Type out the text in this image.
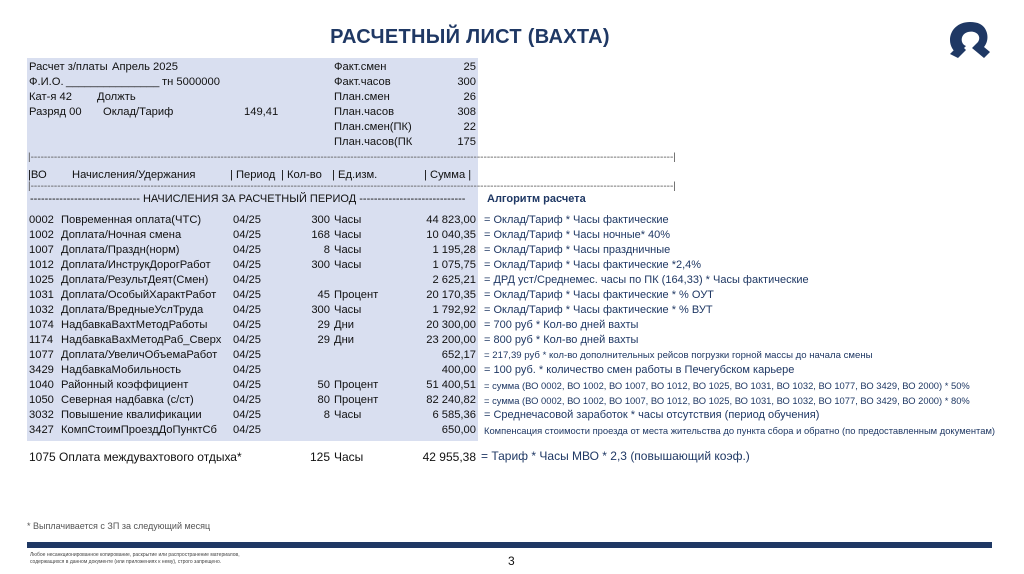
РАСЧЕТНЫЙ ЛИСТ (ВАХТА)
Расчет з/платы Апрель 2025
Ф.И.О. _______________ тн 5000000
Кат-я 42 Должть
Разряд 00 Оклад/Тариф	149,41
Факт.смен	25
Факт.часов	300
План.смен	26
План.часов	308
План.смен(ПК)	22
План.часов(ПК	175
|-------------------------------------------------------------------------------------------------------------------------------------------------------------------------------------------------|
|-------------------------------------------------------------------------------------------------------------------------------------------------------------------------------------------------|
|ВО Начисления/Удержания	| Период | Кол-во | Ед.изм.	| Сумма |
------------------------------ НАЧИСЛЕНИЯ ЗА РАСЧЕТНЫЙ ПЕРИОД ----------------------------- Алгоритм расчета
0002 Повременная оплата(ЧТС)	04/25	300 Часы	44 823,00 = Оклад/Тариф * Часы фактические
1002 Доплата/Ночная смена	04/25	168 Часы	10 040,35 = Оклад/Тариф * Часы ночные* 40%
1007 Доплата/Праздн(норм)	04/25	8 Часы	1 195,28 = Оклад/Тариф * Часы праздничные
1012 Доплата/ИнструкДорогРабот 04/25	300 Часы	1 075,75 = Оклад/Тариф * Часы фактические *2,4%
1025 Доплата/РезультДеят(Смен) 04/25	2 625,21 = ДРД уст/Среднемес. часы по ПК (164,33) * Часы фактические
1031 Доплата/ОсобыйХарактРабот 04/25	45 Процент	20 170,35 = Оклад/Тариф * Часы фактические * % ОУТ
1032 Доплата/ВредныеУслТруда	04/25	300 Часы	1 792,92 = Оклад/Тариф * Часы фактические * % ВУТ
1074 НадбавкаВахтМетодРаботы 04/25	29 Дни	20 300,00 = 700 руб * Кол-во дней вахты
1174 НадбавкаВахМетодРаб_Сверх 04/25	29 Дни	23 200,00 = 800 руб * Кол-во дней вахты
1077 Доплата/УвеличОбъемаРабот 04/25	652,17 = 217,39 руб * кол-во дополнительных рейсов погрузки горной массы до начала смены
3429 НадбавкаМобильность	04/25	400,00 = 100 руб. * количество смен работы в Печегубском карьере
1040 Районный коэффициент	04/25	50 Процент	51 400,51 = сумма (ВО 0002, ВО 1002, ВО 1007, ВО 1012, ВО 1025, ВО 1031, ВО 1032, ВО 1077, ВО 3429, ВО 2000) * 50%
1050 Северная надбавка (с/ст)	04/25	80 Процент	82 240,82 = сумма (ВО 0002, ВО 1002, ВО 1007, ВО 1012, ВО 1025, ВО 1031, ВО 1032, ВО 1077, ВО 3429, ВО 2000) * 80%
3032 Повышение квалификации	04/25	8 Часы	6 585,36 = Среднечасовой заработок * часы отсутствия (период обучения)
3427 КомпСтоимПроездДоПунктСб 04/25	650,00 Компенсация стоимости проезда от места жительства до пункта сбора и обратно (по предоставленным документам)
1075 Оплата междувахтового отдыха*	125 Часы	42 955,38 = Тариф * Часы МВО * 2,3 (повышающий коэф.)
* Выплачивается с ЗП за следующий месяц
Любое несанкционированное копирование, раскрытие или распространение материалов,
содержащихся в данном документе (или приложениях к нему), строго запрещено.	3
